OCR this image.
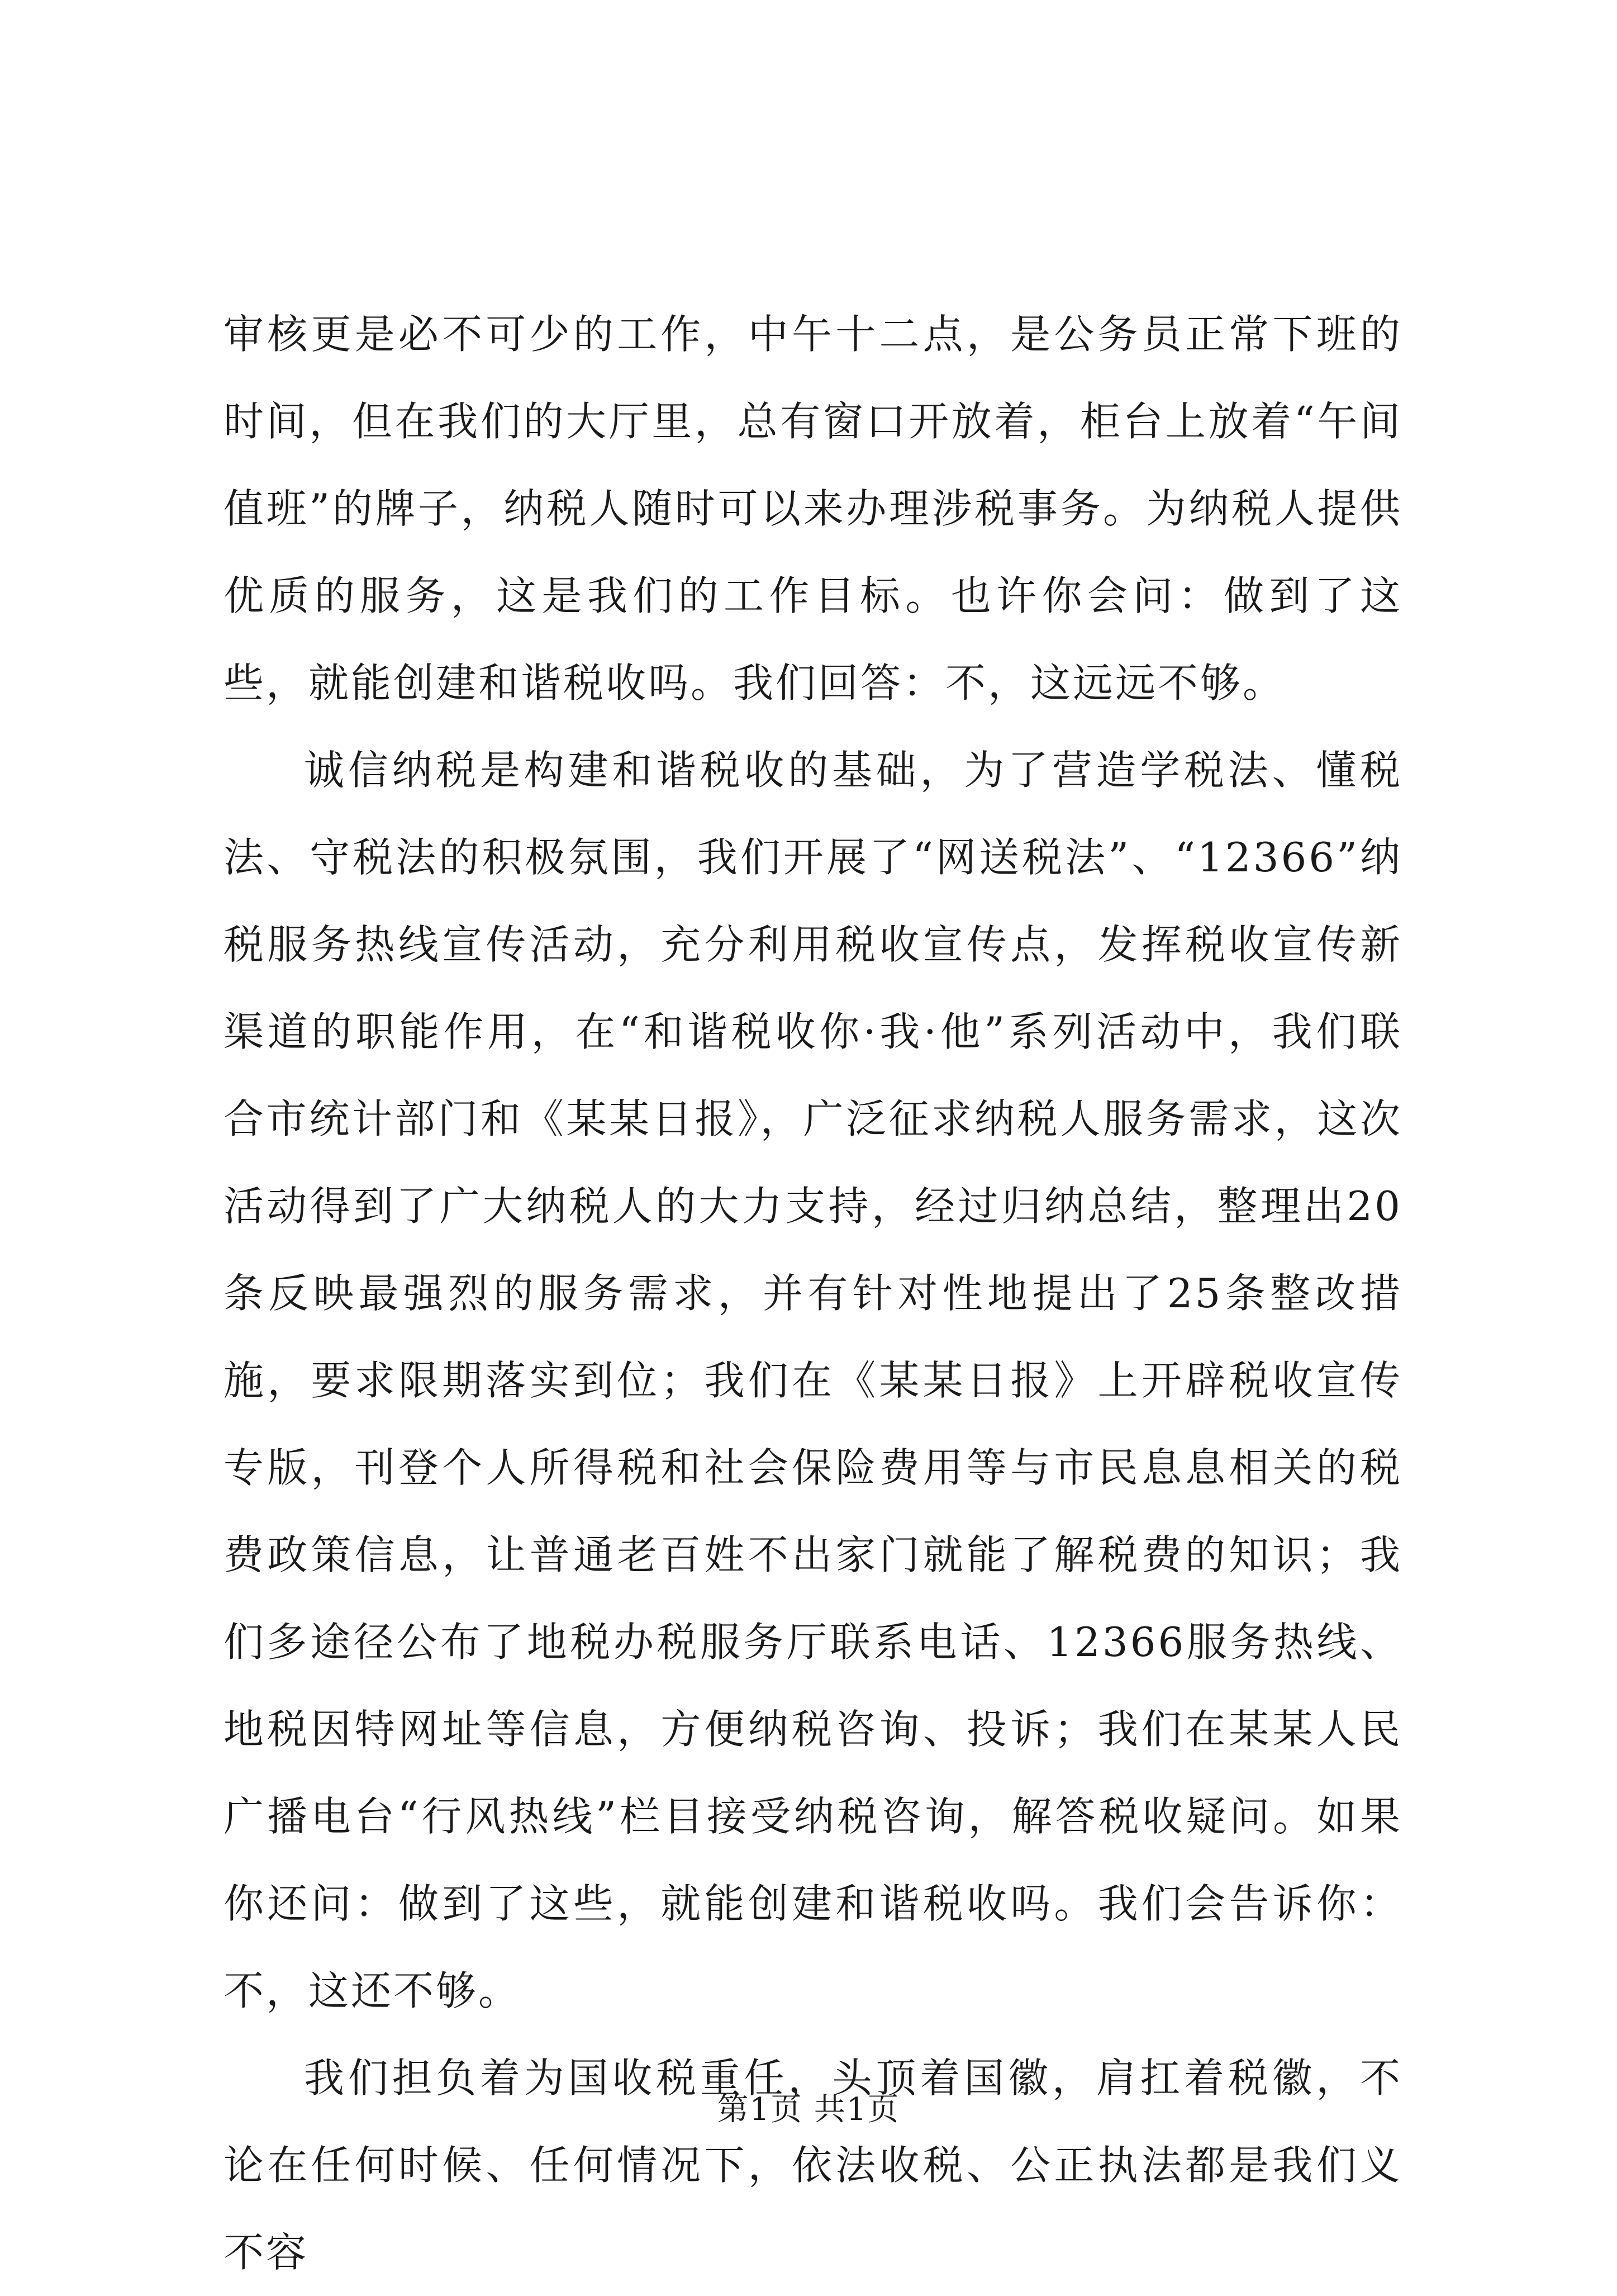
审核更是必不可少的工作，中午十二点，是公务员正常下班的时间，但在我们的大厅里，总有窗口开放着，柜台上放着“午间值班”的牌子，纳税人随时可以来办理涉税事务。为纳税人提供优质的服务，这是我们的工作目标。也许你会问：做到了这些，就能创建和谐税收吗。我们回答：不，这远远不够。

诚信纳税是构建和谐税收的基础，为了营造学税法、懂税法、守税法的积极氛围，我们开展了“网送税法”、“12366”纳税服务热线宣传活动，充分利用税收宣传点，发挥税收宣传新渠道的职能作用，在“和谐税收你·我·他”系列活动中，我们联合市统计部门和《某某日报》，广泛征求纳税人服务需求，这次活动得到了广大纳税人的大力支持，经过归纳总结，整理出20条反映最强烈的服务需求，并有针对性地提出了25条整改措施，要求限期落实到位；我们在《某某日报》上开辟税收宣传专版，刊登个人所得税和社会保险费用等与市民息息相关的税费政策信息，让普通老百姓不出家门就能了解税费的知识；我们多途径公布了地税办税服务厅联系电话、12366服务热线、地税因特网址等信息，方便纳税咨询、投诉；我们在某某人民广播电台“行风热线”栏目接受纳税咨询，解答税收疑问。如果你还问：做到了这些，就能创建和谐税收吗。我们会告诉你：不，这还不够。

我们担负着为国收税重任，头顶着国徽，肩扛着税徽，不论在任何时候、任何情况下，依法收税、公正执法都是我们义不容

第1页 共1页
